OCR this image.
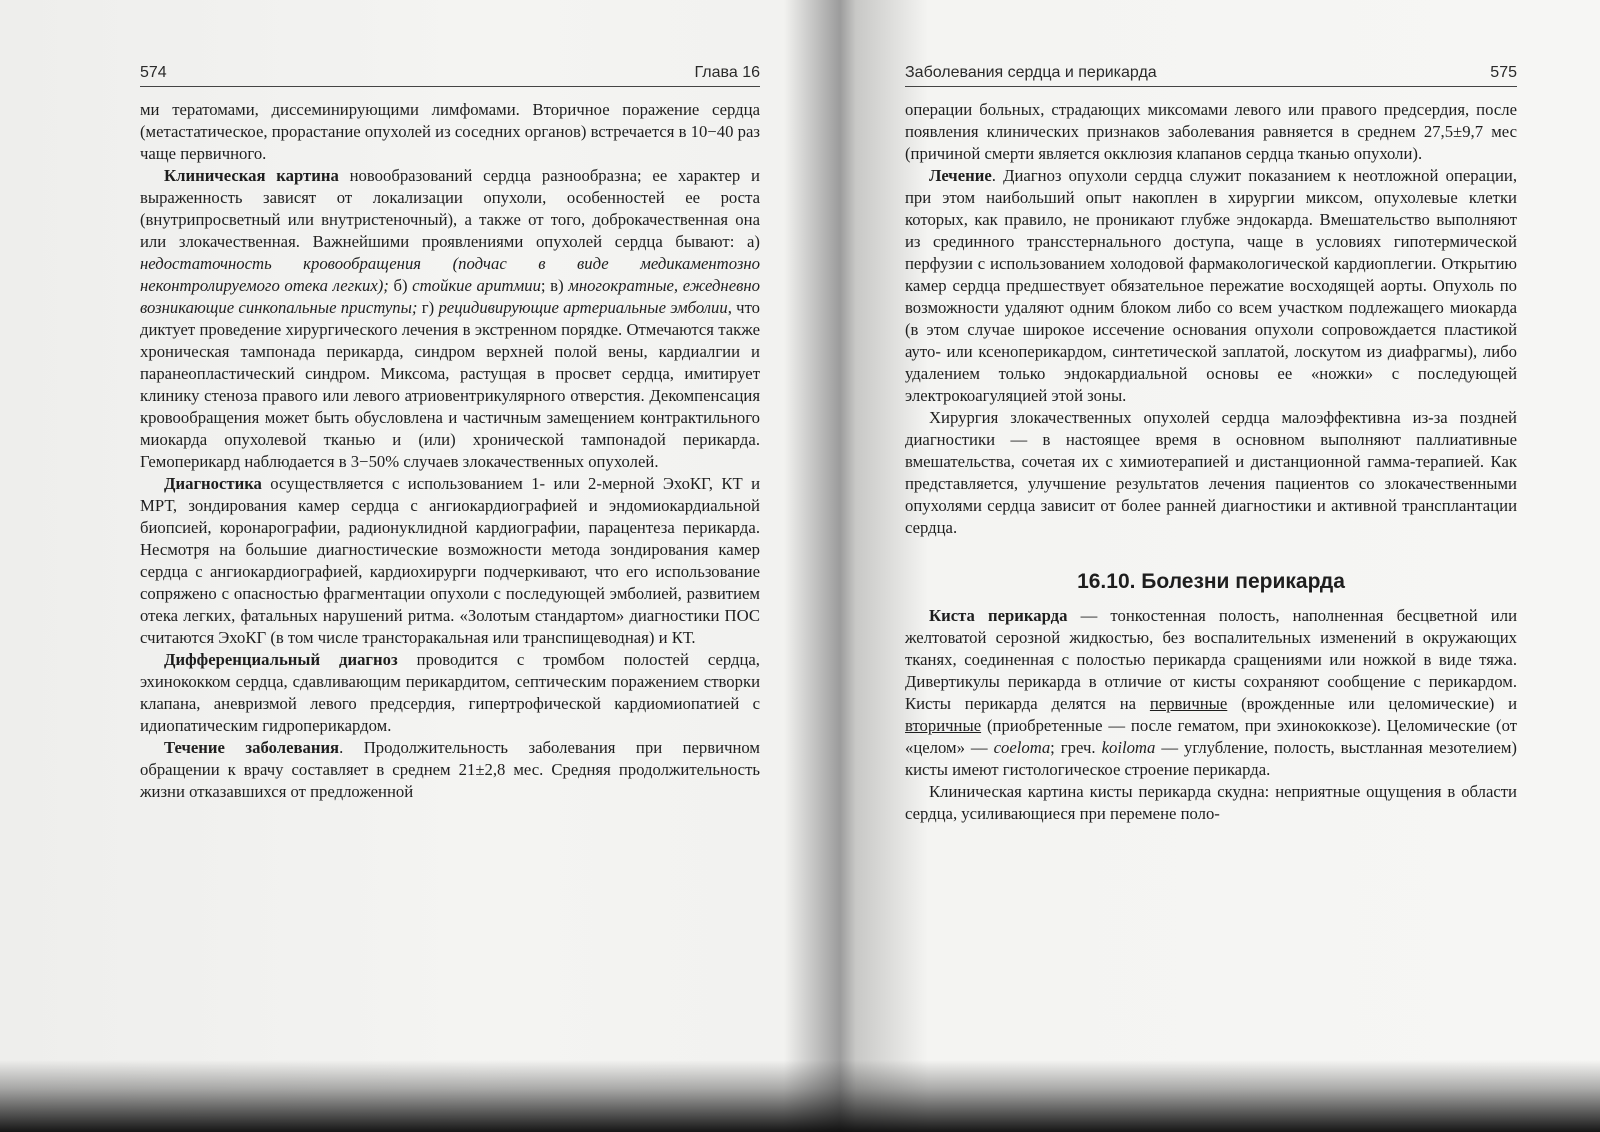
574	Глава 16

ми тератомами, диссеминирующими лимфомами. Вторичное поражение сердца (метастатическое, прорастание опухолей из соседних органов) встречается в 10−40 раз чаще первичного.

Клиническая картина новообразований сердца разнообразна; ее характер и выраженность зависят от локализации опухоли, особенностей ее роста (внутрипросветный или внутристеночный), а также от того, доброкачественная она или злокачественная. Важнейшими проявлениями опухолей сердца бывают: а) недостаточность кровообращения (подчас в виде медикаментозно неконтролируемого отека легких); б) стойкие аритмии; в) многократные, ежедневно возникающие синкопальные приступы; г) рецидивирующие артериальные эмболии, что диктует проведение хирургического лечения в экстренном порядке. Отмечаются также хроническая тампонада перикарда, синдром верхней полой вены, кардиалгии и паранеопластический синдром. Миксома, растущая в просвет сердца, имитирует клинику стеноза правого или левого атриовентрикулярного отверстия. Декомпенсация кровообращения может быть обусловлена и частичным замещением контрактильного миокарда опухолевой тканью и (или) хронической тампонадой перикарда. Гемоперикард наблюдается в 3−50% случаев злокачественных опухолей.

Диагностика осуществляется с использованием 1- или 2-мерной ЭхоКГ, КТ и МРТ, зондирования камер сердца с ангиокардиографией и эндомиокардиальной биопсией, коронарографии, радионуклидной кардиографии, парацентеза перикарда. Несмотря на большие диагностические возможности метода зондирования камер сердца с ангиокардиографией, кардиохирурги подчеркивают, что его использование сопряжено с опасностью фрагментации опухоли с последующей эмболией, развитием отека легких, фатальных нарушений ритма. «Золотым стандартом» диагностики ПОС считаются ЭхоКГ (в том числе трансторакальная или транспищеводная) и КТ.

Дифференциальный диагноз проводится с тромбом полостей сердца, эхинококком сердца, сдавливающим перикардитом, септическим поражением створки клапана, аневризмой левого предсердия, гипертрофической кардиомиопатией с идиопатическим гидроперикардом.

Течение заболевания. Продолжительность заболевания при первичном обращении к врачу составляет в среднем 21±2,8 мес. Средняя продолжительность жизни отказавшихся от предложенной

Заболевания сердца и перикарда	575

операции больных, страдающих миксомами левого или правого предсердия, после появления клинических признаков заболевания равняется в среднем 27,5±9,7 мес (причиной смерти является окклюзия клапанов сердца тканью опухоли).

Лечение. Диагноз опухоли сердца служит показанием к неотложной операции, при этом наибольший опыт накоплен в хирургии миксом, опухолевые клетки которых, как правило, не проникают глубже эндокарда. Вмешательство выполняют из срединного трансстернального доступа, чаще в условиях гипотермической перфузии с использованием холодовой фармакологической кардиоплегии. Открытию камер сердца предшествует обязательное пережатие восходящей аорты. Опухоль по возможности удаляют одним блоком либо со всем участком подлежащего миокарда (в этом случае широкое иссечение основания опухоли сопровождается пластикой ауто- или ксеноперикардом, синтетической заплатой, лоскутом из диафрагмы), либо удалением только эндокардиальной основы ее «ножки» с последующей электрокоагуляцией этой зоны.

Хирургия злокачественных опухолей сердца малоэффективна из-за поздней диагностики — в настоящее время в основном выполняют паллиативные вмешательства, сочетая их с химиотерапией и дистанционной гамма-терапией. Как представляется, улучшение результатов лечения пациентов со злокачественными опухолями сердца зависит от более ранней диагностики и активной трансплантации сердца.

16.10. Болезни перикарда

Киста перикарда — тонкостенная полость, наполненная бесцветной или желтоватой серозной жидкостью, без воспалительных изменений в окружающих тканях, соединенная с полостью перикарда сращениями или ножкой в виде тяжа. Дивертикулы перикарда в отличие от кисты сохраняют сообщение с перикардом. Кисты перикарда делятся на первичные (врожденные или целомические) и вторичные (приобретенные — после гематом, при эхинококкозе). Целомические (от «целом» — coeloma; греч. koiloma — углубление, полость, выстланная мезотелием) кисты имеют гистологическое строение перикарда.

Клиническая картина кисты перикарда скудна: неприятные ощущения в области сердца, усиливающиеся при перемене поло-
